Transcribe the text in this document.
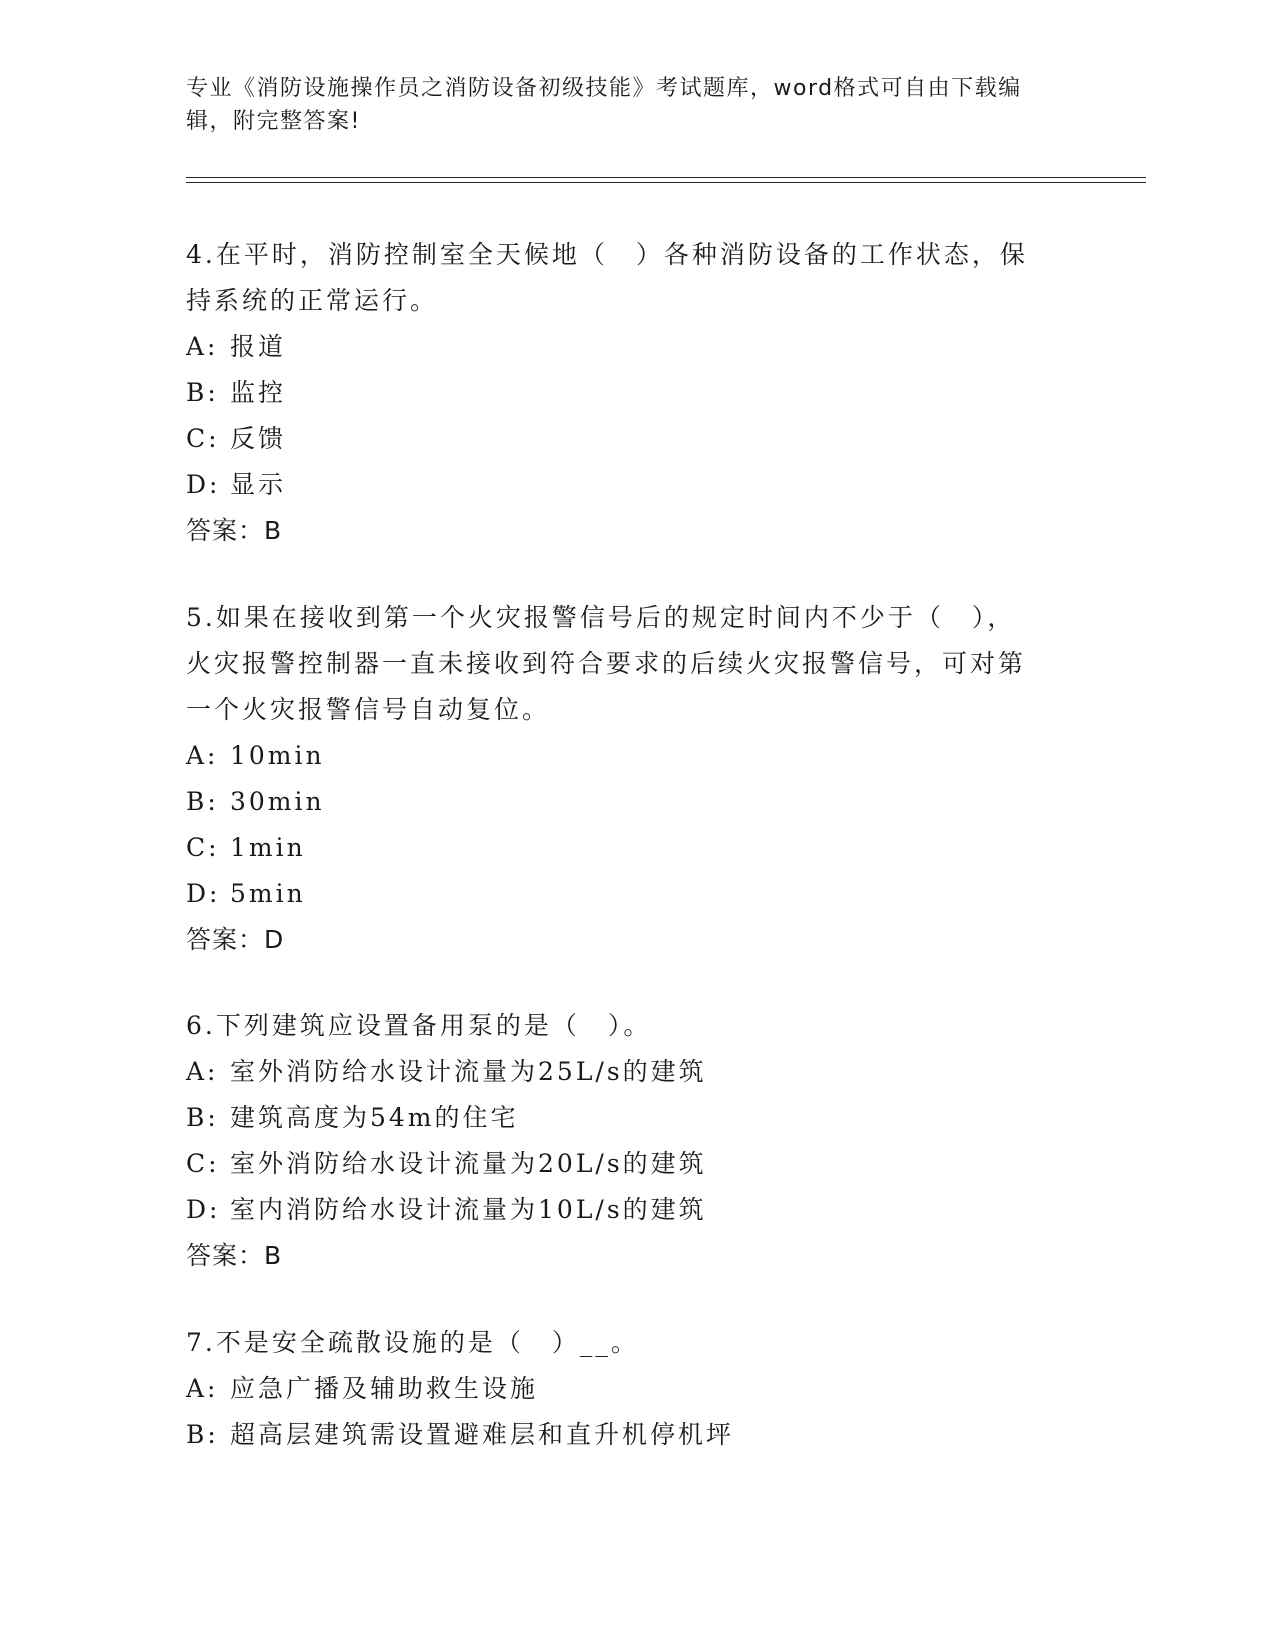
专业《消防设施操作员之消防设备初级技能》考试题库，word格式可自由下载编
辑，附完整答案!
4.在平时，消防控制室全天候地（　）各种消防设备的工作状态，保
持系统的正常运行。
A: 报道
B: 监控
C: 反馈
D: 显示
答案：B
5.如果在接收到第一个火灾报警信号后的规定时间内不少于（　），
火灾报警控制器一直未接收到符合要求的后续火灾报警信号，可对第
一个火灾报警信号自动复位。
A: 10min
B: 30min
C: 1min
D: 5min
答案：D
6.下列建筑应设置备用泵的是（　）。
A: 室外消防给水设计流量为25L/s的建筑
B: 建筑高度为54m的住宅
C: 室外消防给水设计流量为20L/s的建筑
D: 室内消防给水设计流量为10L/s的建筑
答案：B
7.不是安全疏散设施的是（　）__。
A: 应急广播及辅助救生设施
B: 超高层建筑需设置避难层和直升机停机坪
